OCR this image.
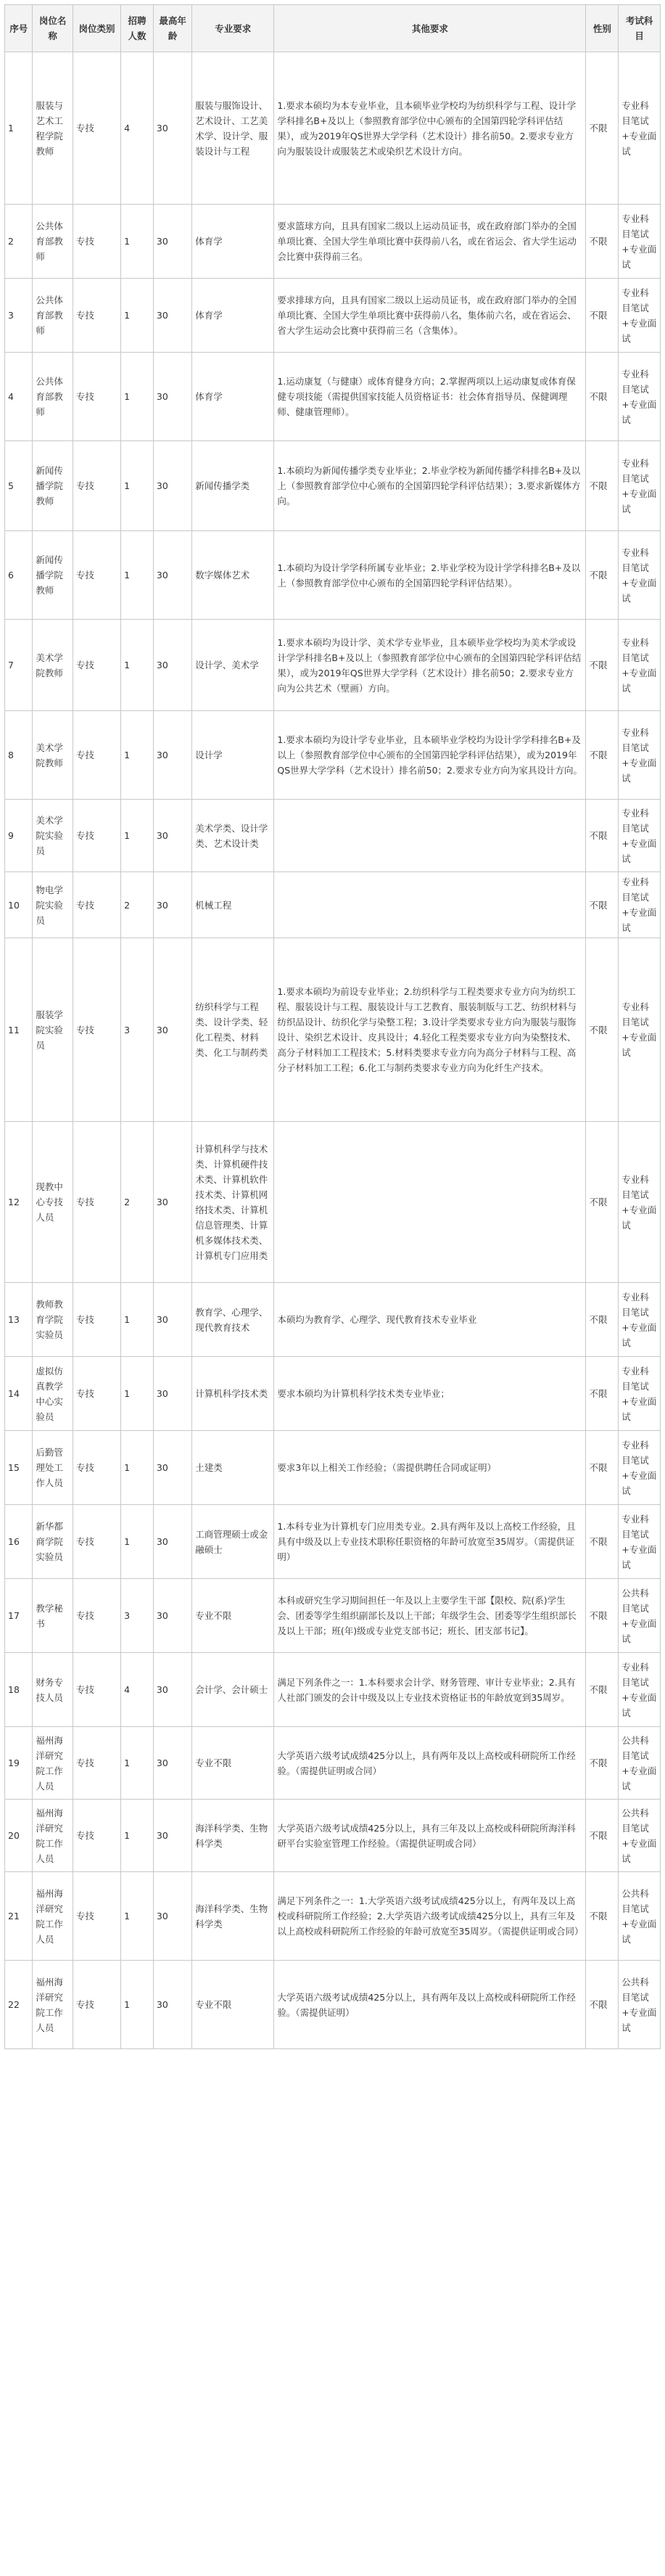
序号	岗位名称	岗位类别	招聘人数	最高年龄	专业要求	其他要求	性别	考试科目
1	服装与艺术工程学院教师	专技	4	30	服装与服饰设计、艺术设计、工艺美术学、设计学、服装设计与工程	1.要求本硕均为本专业毕业，且本硕毕业学校均为纺织科学与工程、设计学学科排名B+及以上（参照教育部学位中心颁布的全国第四轮学科评估结果），或为2019年QS世界大学学科（艺术设计）排名前50。2.要求专业方向为服装设计或服装艺术或染织艺术设计方向。	不限	专业科目笔试+专业面试
2	公共体育部教师	专技	1	30	体育学	要求篮球方向，且具有国家二级以上运动员证书，或在政府部门举办的全国单项比赛、全国大学生单项比赛中获得前八名，或在省运会、省大学生运动会比赛中获得前三名。	不限	专业科目笔试+专业面试
3	公共体育部教师	专技	1	30	体育学	要求排球方向，且具有国家二级以上运动员证书，或在政府部门举办的全国单项比赛、全国大学生单项比赛中获得前八名，集体前六名，或在省运会、省大学生运动会比赛中获得前三名（含集体）。	不限	专业科目笔试+专业面试
4	公共体育部教师	专技	1	30	体育学	1.运动康复（与健康）或体育健身方向；2.掌握两项以上运动康复或体育保健专项技能（需提供国家技能人员资格证书：社会体育指导员、保健调理师、健康管理师）。	不限	专业科目笔试+专业面试
5	新闻传播学院教师	专技	1	30	新闻传播学类	1.本硕均为新闻传播学类专业毕业；2.毕业学校为新闻传播学科排名B+及以上（参照教育部学位中心颁布的全国第四轮学科评估结果）；3.要求新媒体方向。	不限	专业科目笔试+专业面试
6	新闻传播学院教师	专技	1	30	数字媒体艺术	1.本硕均为设计学学科所属专业毕业；2.毕业学校为设计学学科排名B+及以上（参照教育部学位中心颁布的全国第四轮学科评估结果）。	不限	专业科目笔试+专业面试
7	美术学院教师	专技	1	30	设计学、美术学	1.要求本硕均为设计学、美术学专业毕业，且本硕毕业学校均为美术学或设计学学科排名B+及以上（参照教育部学位中心颁布的全国第四轮学科评估结果），或为2019年QS世界大学学科（艺术设计）排名前50；2.要求专业方向为公共艺术（壁画）方向。	不限	专业科目笔试+专业面试
8	美术学院教师	专技	1	30	设计学	1.要求本硕均为设计学专业毕业，且本硕毕业学校均为设计学学科排名B+及以上（参照教育部学位中心颁布的全国第四轮学科评估结果），或为2019年QS世界大学学科（艺术设计）排名前50；2.要求专业方向为家具设计方向。	不限	专业科目笔试+专业面试
9	美术学院实验员	专技	1	30	美术学类、设计学类、艺术设计类		不限	专业科目笔试+专业面试
10	物电学院实验员	专技	2	30	机械工程		不限	专业科目笔试+专业面试
11	服装学院实验员	专技	3	30	纺织科学与工程类、设计学类、轻化工程类、材料类、化工与制药类	1.要求本硕均为前设专业毕业；2.纺织科学与工程类要求专业方向为纺织工程、服装设计与工程、服装设计与工艺教育、服装制版与工艺、纺织材料与纺织品设计、纺织化学与染整工程；3.设计学类要求专业方向为服装与服饰设计、染织艺术设计、皮具设计；4.轻化工程类要求专业方向为染整技术、高分子材料加工工程技术；5.材料类要求专业方向为高分子材料与工程、高分子材料加工工程；6.化工与制药类要求专业方向为化纤生产技术。	不限	专业科目笔试+专业面试
12	现教中心专技人员	专技	2	30	计算机科学与技术类、计算机硬件技术类、计算机软件技术类、计算机网络技术类、计算机信息管理类、计算机多媒体技术类、计算机专门应用类		不限	专业科目笔试+专业面试
13	教师教育学院实验员	专技	1	30	教育学、心理学、现代教育技术	本硕均为教育学、心理学、现代教育技术专业毕业	不限	专业科目笔试+专业面试
14	虚拟仿真教学中心实验员	专技	1	30	计算机科学技术类	要求本硕均为计算机科学技术类专业毕业；	不限	专业科目笔试+专业面试
15	后勤管理处工作人员	专技	1	30	土建类	要求3年以上相关工作经验；（需提供聘任合同或证明）	不限	专业科目笔试+专业面试
16	新华都商学院实验员	专技	1	30	工商管理硕士或金融硕士	1.本科专业为计算机专门应用类专业。2.具有两年及以上高校工作经验，且具有中级及以上专业技术职称任职资格的年龄可放宽至35周岁。（需提供证明）	不限	专业科目笔试+专业面试
17	教学秘书	专技	3	30	专业不限	本科或研究生学习期间担任一年及以上主要学生干部【限校、院(系)学生会、团委等学生组织副部长及以上干部；年级学生会、团委等学生组织部长及以上干部；班(年)级或专业党支部书记；班长、团支部书记】。	不限	公共科目笔试+专业面试
18	财务专技人员	专技	4	30	会计学、会计硕士	满足下列条件之一：1.本科要求会计学、财务管理、审计专业毕业；2.具有人社部门颁发的会计中级及以上专业技术资格证书的年龄放宽到35周岁。	不限	专业科目笔试+专业面试
19	福州海洋研究院工作人员	专技	1	30	专业不限	大学英语六级考试成绩425分以上，具有两年及以上高校或科研院所工作经验。（需提供证明或合同）	不限	公共科目笔试+专业面试
20	福州海洋研究院工作人员	专技	1	30	海洋科学类、生物科学类	大学英语六级考试成绩425分以上，具有三年及以上高校或科研院所海洋科研平台实验室管理工作经验。（需提供证明或合同）	不限	公共科目笔试+专业面试
21	福州海洋研究院工作人员	专技	1	30	海洋科学类、生物科学类	满足下列条件之一：1.大学英语六级考试成绩425分以上，有两年及以上高校或科研院所工作经验；2.大学英语六级考试成绩425分以上，具有三年及以上高校或科研院所工作经验的年龄可放宽至35周岁。（需提供证明或合同）	不限	公共科目笔试+专业面试
22	福州海洋研究院工作人员	专技	1	30	专业不限	大学英语六级考试成绩425分以上，具有两年及以上高校或科研院所工作经验。（需提供证明）	不限	公共科目笔试+专业面试
